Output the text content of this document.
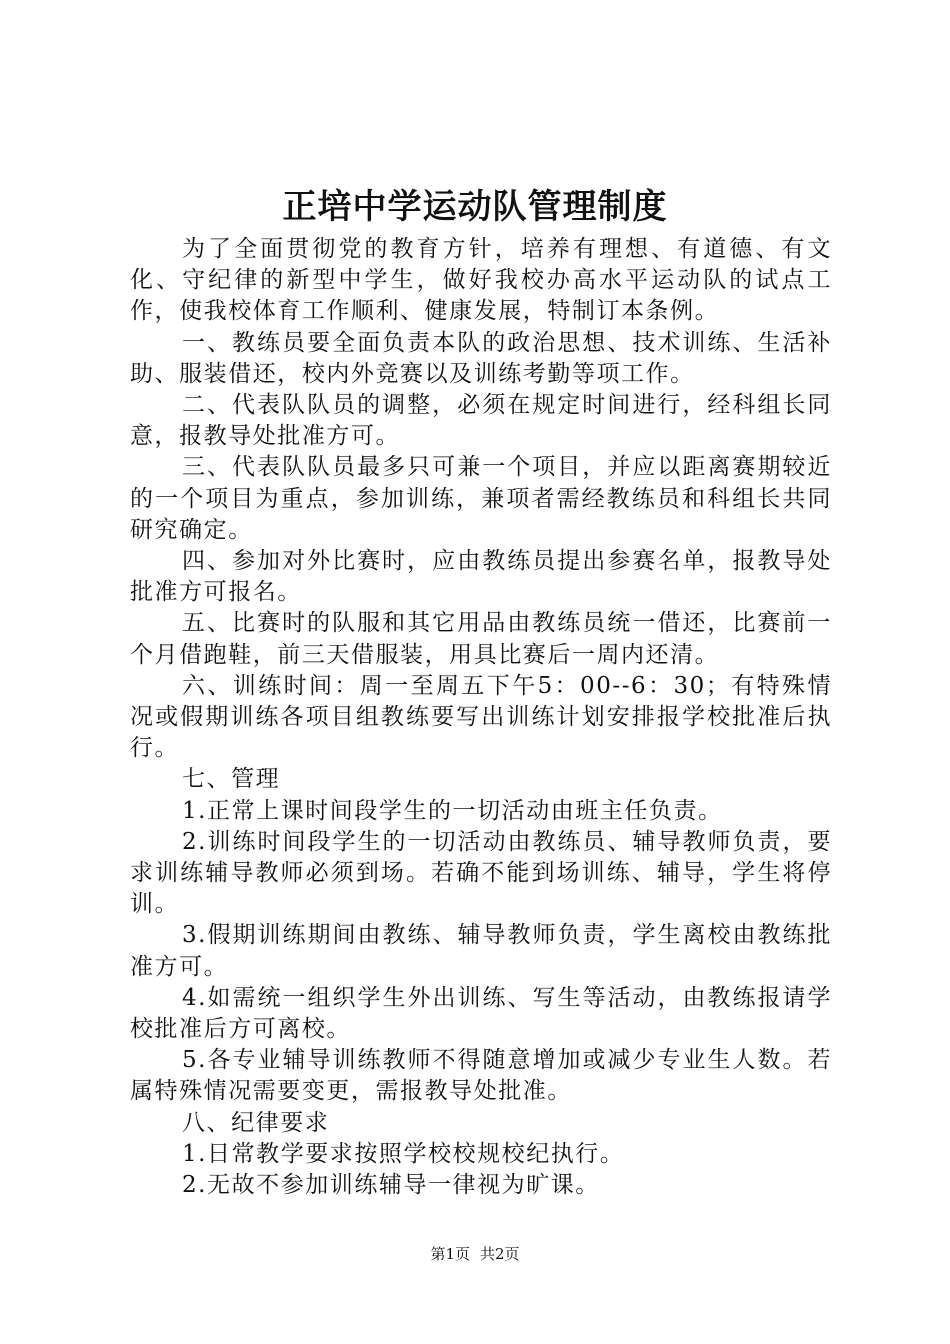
正培中学运动队管理制度

为了全面贯彻党的教育方针，培养有理想、有道德、有文化、守纪律的新型中学生，做好我校办高水平运动队的试点工作，使我校体育工作顺利、健康发展，特制订本条例。

一、教练员要全面负责本队的政治思想、技术训练、生活补助、服装借还，校内外竞赛以及训练考勤等项工作。

二、代表队队员的调整，必须在规定时间进行，经科组长同意，报教导处批准方可。

三、代表队队员最多只可兼一个项目，并应以距离赛期较近的一个项目为重点，参加训练，兼项者需经教练员和科组长共同研究确定。

四、参加对外比赛时，应由教练员提出参赛名单，报教导处批准方可报名。

五、比赛时的队服和其它用品由教练员统一借还，比赛前一个月借跑鞋，前三天借服装，用具比赛后一周内还清。

六、训练时间：周一至周五下午5：00--6：30；有特殊情况或假期训练各项目组教练要写出训练计划安排报学校批准后执行。

七、管理

1.正常上课时间段学生的一切活动由班主任负责。

2.训练时间段学生的一切活动由教练员、辅导教师负责，要求训练辅导教师必须到场。若确不能到场训练、辅导，学生将停训。

3.假期训练期间由教练、辅导教师负责，学生离校由教练批准方可。

4.如需统一组织学生外出训练、写生等活动，由教练报请学校批准后方可离校。

5.各专业辅导训练教师不得随意增加或减少专业生人数。若属特殊情况需要变更，需报教导处批准。

八、纪律要求

1.日常教学要求按照学校校规校纪执行。

2.无故不参加训练辅导一律视为旷课。

第1页 共2页
